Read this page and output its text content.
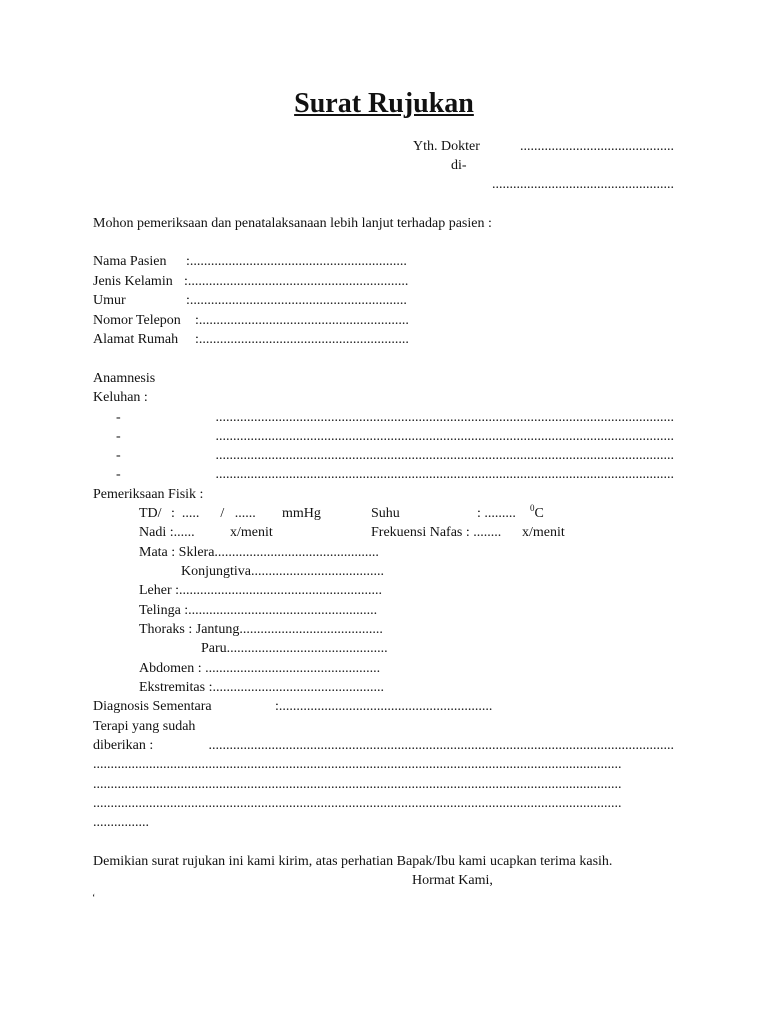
Surat Rujukan
Yth. Dokter	............................................
di-
....................................................
Mohon pemeriksaan dan penatalaksanaan lebih lanjut terhadap pasien :
Nama Pasien :..............................................................
Jenis Kelamin :...............................................................
Umur	:..............................................................
Nomor Telepon :............................................................
Alamat Rumah :............................................................
Anamnesis
Keluhan :
-	...................................................................................................................................
-	...................................................................................................................................
-	...................................................................................................................................
-	...................................................................................................................................
Pemeriksaan Fisik :
TD/ :  .....      /   ...... mmHg	Suhu	: ......... $^0$C
Nadi :......	x/menit	Frekuensi Nafas : ........ x/menit
Mata : Sklera...............................................
Konjungtiva......................................
Leher :..........................................................
Telinga :......................................................
Thoraks : Jantung.........................................
Paru..............................................
Abdomen : ..................................................
Ekstremitas :.................................................
Diagnosis Sementara	:.............................................................
Terapi yang sudah
diberikan :	.....................................................................................................................................
.......................................................................................................................................................
.......................................................................................................................................................
.......................................................................................................................................................
................
Demikian surat rujukan ini kami kirim, atas perhatian Bapak/Ibu kami ucapkan terima kasih.
Hormat Kami,
‘
